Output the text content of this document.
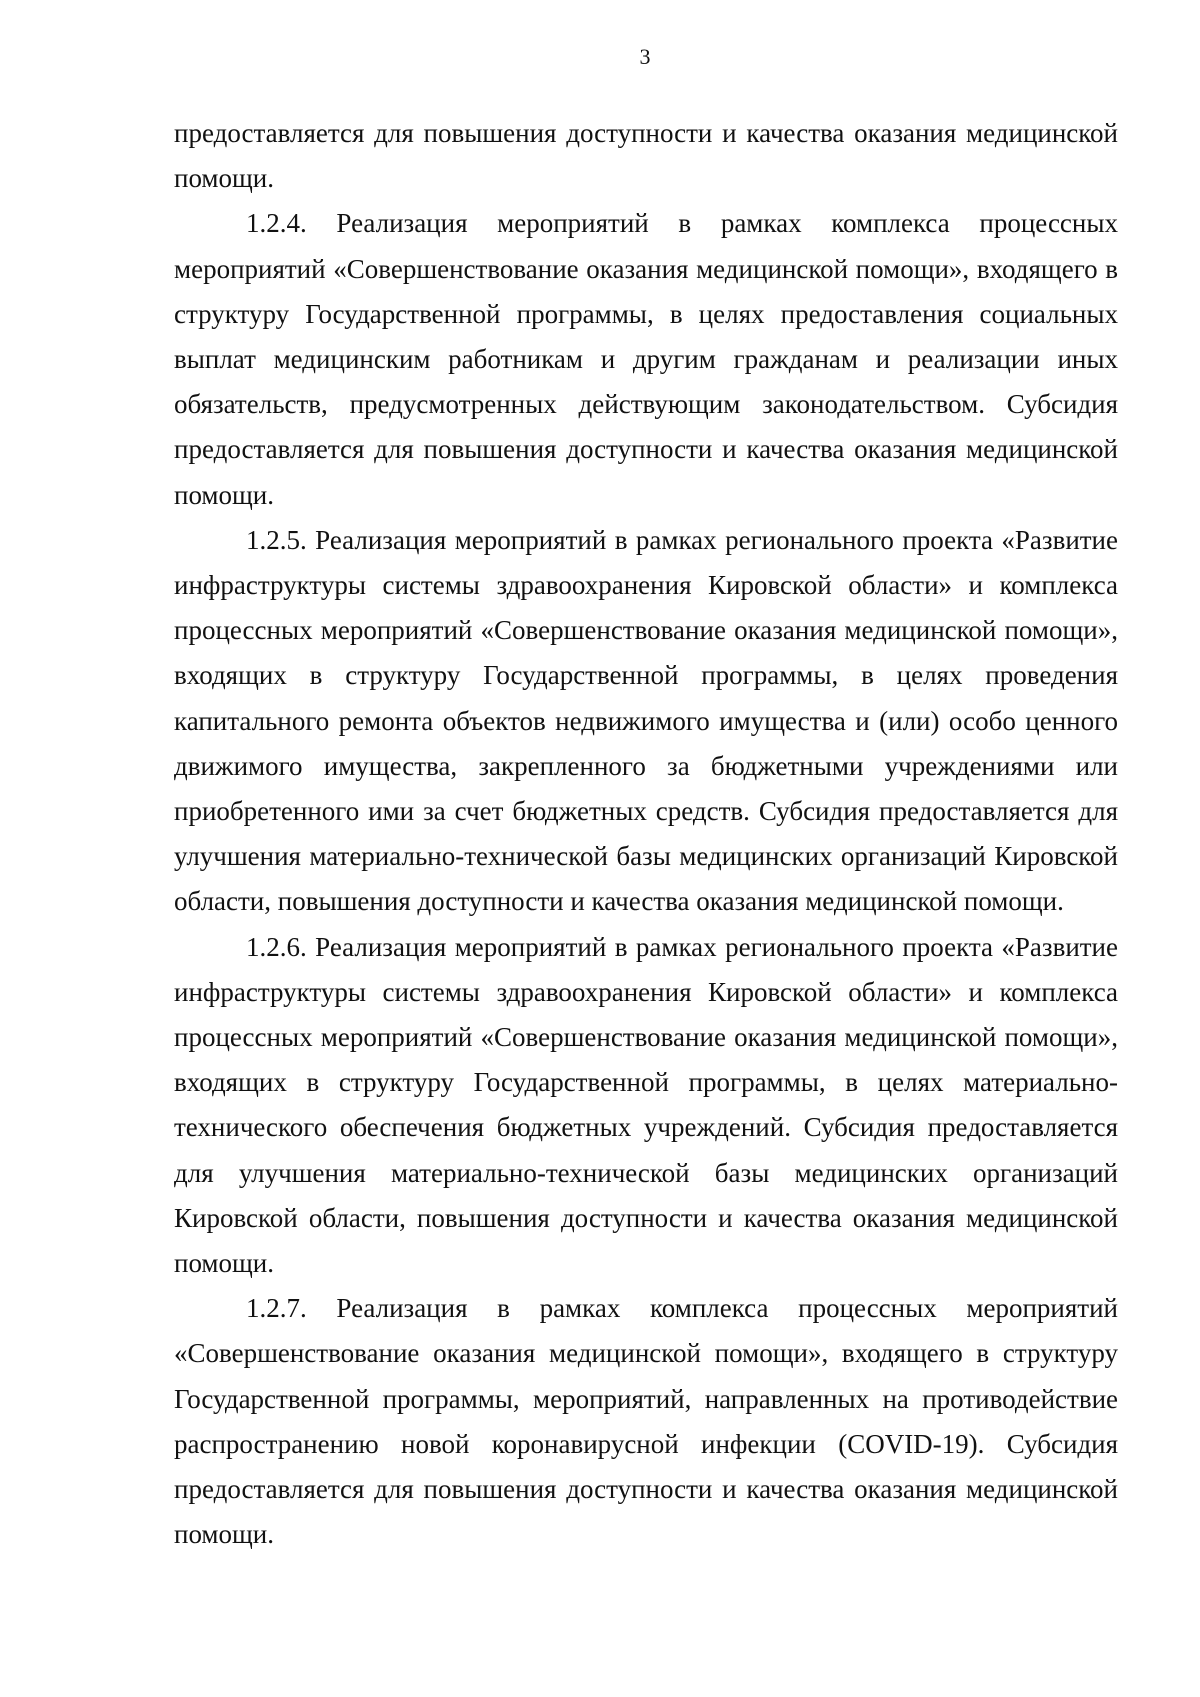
3

предоставляется для повышения доступности и качества оказания медицинской помощи.

1.2.4. Реализация мероприятий в рамках комплекса процессных мероприятий «Совершенствование оказания медицинской помощи», входящего в структуру Государственной программы, в целях предоставления социальных выплат медицинским работникам и другим гражданам и реализации иных обязательств, предусмотренных действующим законодательством. Субсидия предоставляется для повышения доступности и качества оказания медицинской помощи.

1.2.5. Реализация мероприятий в рамках регионального проекта «Развитие инфраструктуры системы здравоохранения Кировской области» и комплекса процессных мероприятий «Совершенствование оказания медицинской помощи», входящих в структуру Государственной программы, в целях проведения капитального ремонта объектов недвижимого имущества и (или) особо ценного движимого имущества, закрепленного за бюджетными учреждениями или приобретенного ими за счет бюджетных средств. Субсидия предоставляется для улучшения материально-технической базы медицинских организаций Кировской области, повышения доступности и качества оказания медицинской помощи.

1.2.6. Реализация мероприятий в рамках регионального проекта «Развитие инфраструктуры системы здравоохранения Кировской области» и комплекса процессных мероприятий «Совершенствование оказания медицинской помощи», входящих в структуру Государственной программы, в целях материально-технического обеспечения бюджетных учреждений. Субсидия предоставляется для улучшения материально-технической базы медицинских организаций Кировской области, повышения доступности и качества оказания медицинской помощи.

1.2.7. Реализация в рамках комплекса процессных мероприятий «Совершенствование оказания медицинской помощи», входящего в структуру Государственной программы, мероприятий, направленных на противодействие распространению новой коронавирусной инфекции (COVID-19). Субсидия предоставляется для повышения доступности и качества оказания медицинской помощи.
